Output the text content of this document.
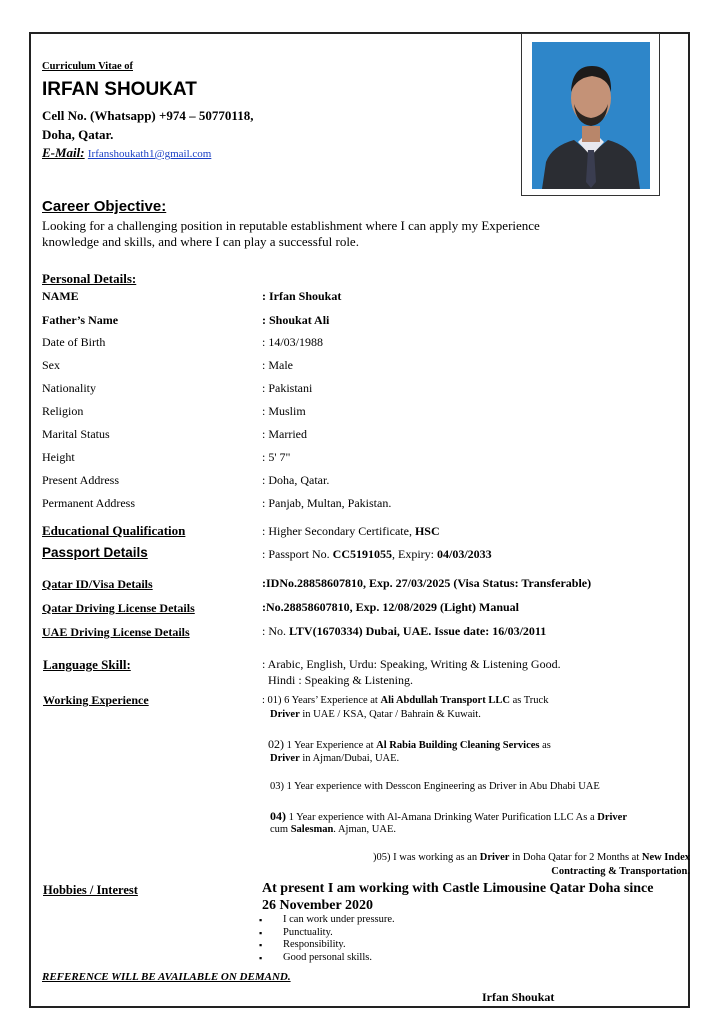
Curriculum Vitae of
IRFAN SHOUKAT
Cell No. (Whatsapp) +974 – 50770118,
Doha, Qatar.
E-Mail: Irfanshoukath1@gmail.com
Career Objective:
Looking for a challenging position in reputable establishment where I can apply my Experience
knowledge and skills, and where I can play a successful role.
Personal Details:
NAME	: Irfan Shoukat
Father’s Name	: Shoukat Ali
Date of Birth	: 14/03/1988
Sex	: Male
Nationality	: Pakistani
Religion	: Muslim
Marital Status	: Married
Height	: 5' 7"
Present Address	: Doha, Qatar.
Permanent Address	: Panjab, Multan, Pakistan.
Educational Qualification	: Higher Secondary Certificate, HSC
Passport Details	: Passport No. CC5191055, Expiry: 04/03/2033
Qatar ID/Visa Details	:IDNo.28858607810, Exp. 27/03/2025 (Visa Status: Transferable)
Qatar Driving License Details	:No.28858607810, Exp. 12/08/2029 (Light) Manual
UAE Driving License Details	: No. LTV(1670334) Dubai, UAE. Issue date: 16/03/2011
Language Skill:	: Arabic, English, Urdu: Speaking, Writing & Listening Good.
Hindi : Speaking & Listening.
Working Experience	: 01) 6 Years’ Experience at Ali Abdullah Transport LLC as Truck
Driver in UAE / KSA, Qatar / Bahrain & Kuwait.
02) 1 Year Experience at Al Rabia Building Cleaning Services as
Driver in Ajman/Dubai, UAE.
03) 1 Year experience with Desscon Engineering as Driver in Abu Dhabi UAE
04) 1 Year experience with Al-Amana Drinking Water Purification LLC As a Driver
cum Salesman. Ajman, UAE.
)05) I was working as an Driver in Doha Qatar for 2 Months at New Index
Contracting & Transportation.
Hobbies / Interest	At present I am working with Castle Limousine Qatar Doha since
26 November 2020
▪ I can work under pressure.
▪ Punctuality.
▪ Responsibility.
▪ Good personal skills.
REFERENCE WILL BE AVAILABLE ON DEMAND.
Irfan Shoukat
